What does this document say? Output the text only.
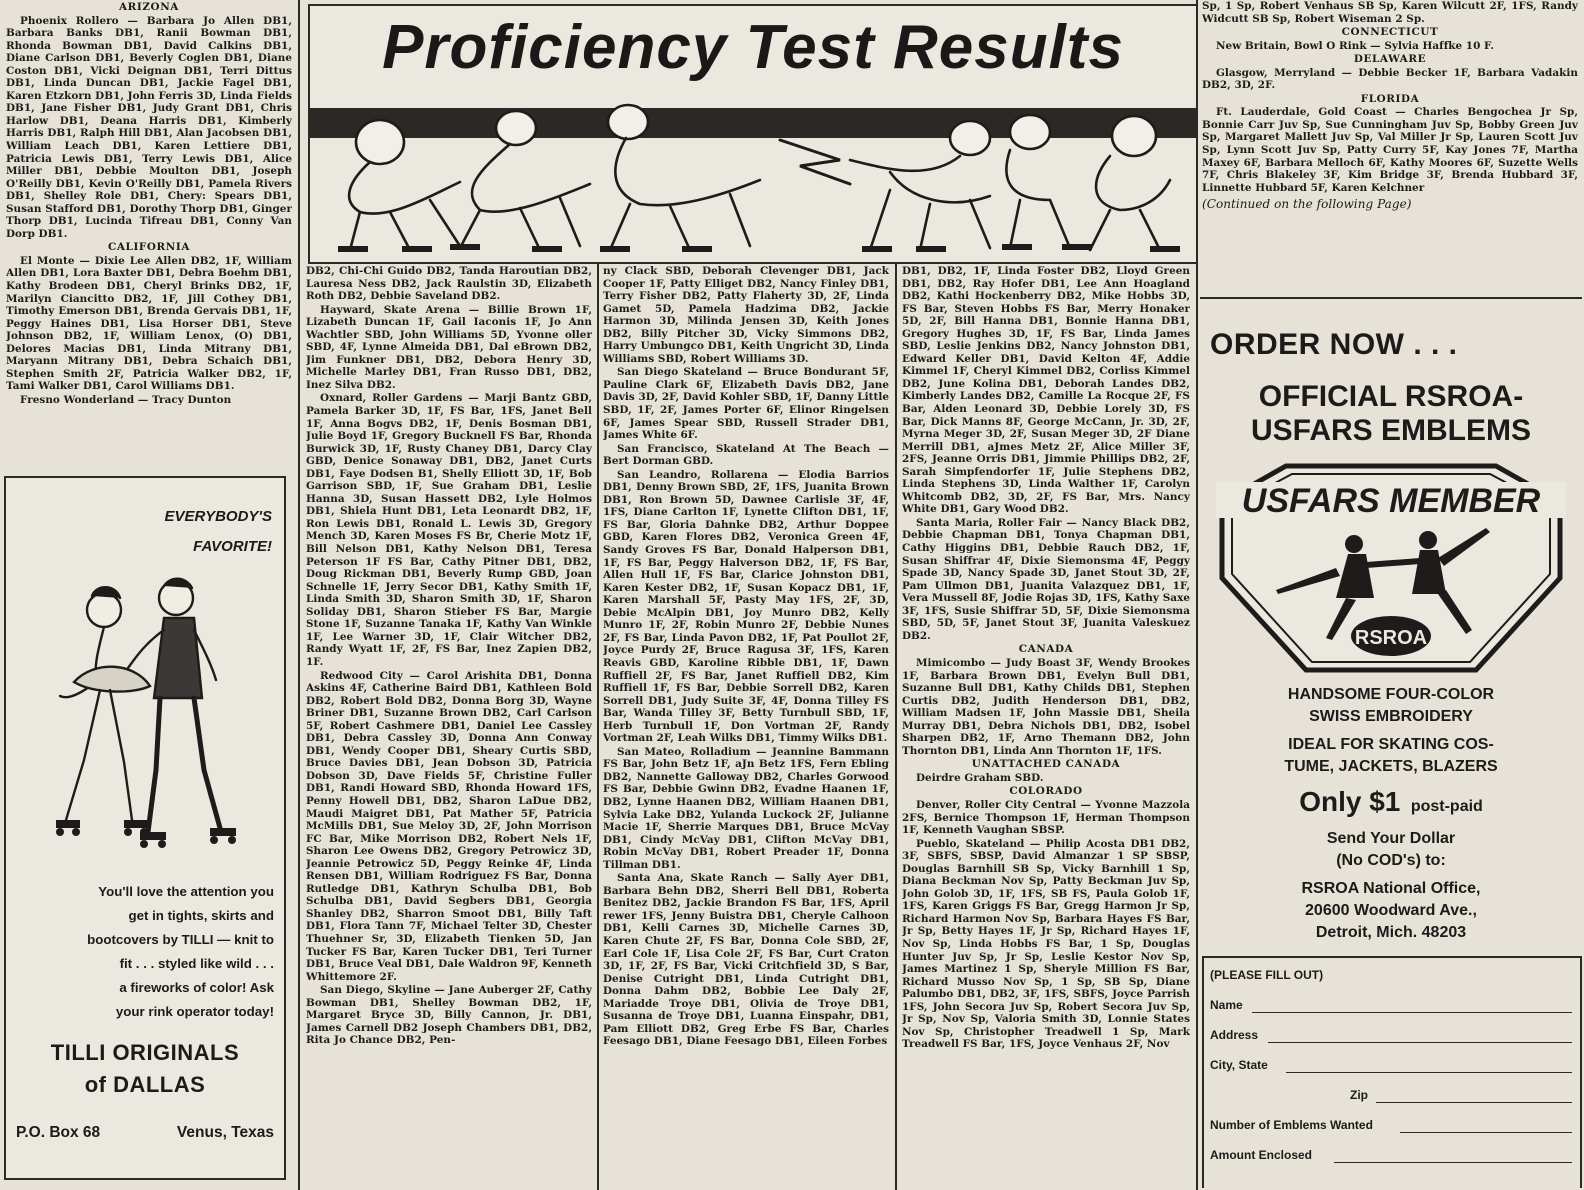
ARIZONA

Phoenix Rollero — Barbara Jo Allen DB1, Barbara Banks DB1, Ranii Bowman DB1, Rhonda Bowman DB1, David Calkins DB1, Diane Carlson DB1, Beverly Coglen DB1, Diane Coston DB1, Vicki Deignan DB1, Terri Dittus DB1, Linda Duncan DB1, Jackie Fagel DB1, Karen Etzkorn DB1, John Ferris 3D, Linda Fields DB1, Jane Fisher DB1, Judy Grant DB1, Chris Harlow DB1, Deana Harris DB1, Kimberly Harris DB1, Ralph Hill DB1, Alan Jacobsen DB1, William Leach DB1, Karen Lettiere DB1, Patricia Lewis DB1, Terry Lewis DB1, Alice Miller DB1, Debbie Moulton DB1, Joseph O'Reilly DB1, Kevin O'Reilly DB1, Pamela Rivers DB1, Shelley Role DB1, Chery: Spears DB1, Susan Stafford DB1, Dorothy Thorp DB1, Ginger Thorp DB1, Lucinda Tifreau DB1, Conny Van Dorp DB1.

CALIFORNIA

El Monte — Dixie Lee Allen DB2, 1F, William Allen DB1, Lora Baxter DB1, Debra Boehm DB1, Kathy Brodeen DB1, Cheryl Brinks DB2, 1F, Marilyn Ciancitto DB2, 1F, Jill Cothey DB1, Timothy Emerson DB1, Brenda Gervais DB1, 1F, Peggy Haines DB1, Lisa Horser DB1, Steve Johnson DB2, 1F, William Lenox, (O) DB1, Delores Macias DB1, Linda Mitrany DB1, Maryann Mitrany DB1, Debra Schaich DB1, Stephen Smith 2F, Patricia Walker DB2, 1F, Tami Walker DB1, Carol Williams DB1.

Fresno Wonderland — Tracy Dunton

Proficiency Test Results

DB2, Chi-Chi Guido DB2, Tanda Haroutian DB2, Lauresa Ness DB2, Jack Raulstin 3D, Elizabeth Roth DB2, Debbie Saveland DB2.

Hayward, Skate Arena — Billie Brown 1F, Lizabeth Duncan 1F, Gail Iaconis 1F, Jo Ann Wachtler SBD, John Williams 5D, Yvonne oller SBD, 4F, Lynne Almeida DB1, Dal eBrown DB2, Jim Funkner DB1, DB2, Debora Henry 3D, Michelle Marley DB1, Fran Russo DB1, DB2, Inez Silva DB2.

Oxnard, Roller Gardens — Marji Bantz GBD, Pamela Barker 3D, 1F, FS Bar, 1FS, Janet Bell 1F, Anna Bogvs DB2, 1F, Denis Bosman DB1, Julie Boyd 1F, Gregory Bucknell FS Bar, Rhonda Burwick 3D, 1F, Rusty Chaney DB1, Darcy Clay GBD, Denice Sonaway DB1, DB2, Janet Curts DB1, Faye Dodsen B1, Shelly Elliott 3D, 1F, Bob Garrison SBD, 1F, Sue Graham DB1, Leslie Hanna 3D, Susan Hassett DB2, Lyle Holmos DB1, Shiela Hunt DB1, Leta Leonardt DB2, 1F, Ron Lewis DB1, Ronald L. Lewis 3D, Gregory Mench 3D, Karen Moses FS Br, Cherie Motz 1F, Bill Nelson DB1, Kathy Nelson DB1, Teresa Peterson 1F FS Bar, Cathy Pitner DB1, DB2, Doug Rickman DB1, Beverly Rump GBD, Joan Schnelle 1F, Jerry Secor DB1, Kathy Smith 1F, Linda Smith 3D, Sharon Smith 3D, 1F, Sharon Soliday DB1, Sharon Stieber FS Bar, Margie Stone 1F, Suzanne Tanaka 1F, Kathy Van Winkle 1F, Lee Warner 3D, 1F, Clair Witcher DB2, Randy Wyatt 1F, 2F, FS Bar, Inez Zapien DB2, 1F.

Redwood City — Carol Arishita DB1, Donna Askins 4F, Catherine Baird DB1, Kathleen Bold DB2, Robert Bold DB2, Donna Borg 3D, Wayne Briner DB1, Suzanne Brown DB2, Carl Carlson 5F, Robert Cashmere DB1, Daniel Lee Cassley DB1, Debra Cassley 3D, Donna Ann Conway DB1, Wendy Cooper DB1, Sheary Curtis SBD, Bruce Davies DB1, Jean Dobson 3D, Patricia Dobson 3D, Dave Fields 5F, Christine Fuller DB1, Randi Howard SBD, Rhonda Howard 1FS, Penny Howell DB1, DB2, Sharon LaDue DB2, Maudi Maigret DB1, Pat Mather 5F, Patricia McMills DB1, Sue Meloy 3D, 2F, John Morrison FC Bar, Mike Morrison DB2, Robert Nels 1F, Sharon Lee Owens DB2, Gregory Petrowicz 3D, Jeannie Petrowicz 5D, Peggy Reinke 4F, Linda Rensen DB1, William Rodriguez FS Bar, Donna Rutledge DB1, Kathryn Schulba DB1, Bob Schulba DB1, David Segbers DB1, Georgia Shanley DB2, Sharron Smoot DB1, Billy Taft DB1, Flora Tann 7F, Michael Telter 3D, Chester Thuehner Sr, 3D, Elizabeth Tienken 5D, Jan Tucker FS Bar, Karen Tucker DB1, Teri Turner DB1, Bruce Veal DB1, Dale Waldron 9F, Kenneth Whittemore 2F.

San Diego, Skyline — Jane Auberger 2F, Cathy Bowman DB1, Shelley Bowman DB2, 1F, Margaret Bryce 3D, Billy Cannon, Jr. DB1, James Carnell DB2 Joseph Chambers DB1, DB2, Rita Jo Chance DB2, Pen-

ny Clack SBD, Deborah Clevenger DB1, Jack Cooper 1F, Patty Elliget DB2, Nancy Finley DB1, Terry Fisher DB2, Patty Flaherty 3D, 2F, Linda Gamet 5D, Pamela Hadzima DB2, Jackie Harmon 3D, Milinda Jensen 3D, Keith Jones DB2, Billy Pitcher 3D, Vicky Simmons DB2, Harry Umbungco DB1, Keith Ungricht 3D, Linda Williams SBD, Robert Williams 3D.

San Diego Skateland — Bruce Bondurant 5F, Pauline Clark 6F, Elizabeth Davis DB2, Jane Davis 3D, 2F, David Kohler SBD, 1F, Danny Little SBD, 1F, 2F, James Porter 6F, Elinor Ringelsen 6F, James Spear SBD, Russell Strader DB1, James White 6F.

San Francisco, Skateland At The Beach — Bert Dorman GBD.

San Leandro, Rollarena — Elodia Barrios DB1, Denny Brown SBD, 2F, 1FS, Juanita Brown DB1, Ron Brown 5D, Dawnee Carlisle 3F, 4F, 1FS, Diane Carlton 1F, Lynette Clifton DB1, 1F, FS Bar, Gloria Dahnke DB2, Arthur Doppee GBD, Karen Flores DB2, Veronica Green 4F, Sandy Groves FS Bar, Donald Halperson DB1, 1F, FS Bar, Peggy Halverson DB2, 1F, FS Bar, Allen Hull 1F, FS Bar, Clarice Johnston DB1, Karen Kester DB2, 1F, Susan Kopacz DB1, 1F, Karen Marshall 5F, Pasty May 1FS, 2F, 3D, Debie McAlpin DB1, Joy Munro DB2, Kelly Munro 1F, 2F, Robin Munro 2F, Debbie Nunes 2F, FS Bar, Linda Pavon DB2, 1F, Pat Poullot 2F, Joyce Purdy 2F, Bruce Ragusa 3F, 1FS, Karen Reavis GBD, Karoline Ribble DB1, 1F, Dawn Ruffiell 2F, FS Bar, Janet Ruffiell DB2, Kim Ruffiell 1F, FS Bar, Debbie Sorrell DB2, Karen Sorrell DB1, Judy Suite 3F, 4F, Donna Tilley FS Bar, Wanda Tilley 3F, Betty Turnbull SBD, 1F, Herb Turnbull 1F, Don Vortman 2F, Randy Vortman 2F, Leah Wilks DB1, Timmy Wilks DB1.

San Mateo, Rolladium — Jeannine Bammann FS Bar, John Betz 1F, aJn Betz 1FS, Fern Ebling DB2, Nannette Galloway DB2, Charles Gorwood FS Bar, Debbie Gwinn DB2, Evadne Haanen 1F, DB2, Lynne Haanen DB2, William Haanen DB1, Sylvia Lake DB2, Yulanda Luckock 2F, Julianne Macie 1F, Sherrie Marques DB1, Bruce McVay DB1, Cindy McVay DB1, Clifton McVay DB1, Robin McVay DB1, Robert Preader 1F, Donna Tillman DB1.

Santa Ana, Skate Ranch — Sally Ayer DB1, Barbara Behn DB2, Sherri Bell DB1, Roberta Benitez DB2, Jackie Brandon FS Bar, 1FS, April rewer 1FS, Jenny Buistra DB1, Cheryle Calhoon DB1, Kelli Carnes 3D, Michelle Carnes 3D, Karen Chute 2F, FS Bar, Donna Cole SBD, 2F, Earl Cole 1F, Lisa Cole 2F, FS Bar, Curt Craton 3D, 1F, 2F, FS Bar, Vicki Critchfield 3D, S Bar, Denise Cutright DB1, Linda Cutright DB1, Donna Dahm DB2, Bobbie Lee Daly 2F, Mariadde Troye DB1, Olivia de Troye DB1, Susanna de Troye DB1, Luanna Einspahr, DB1, Pam Elliott DB2, Greg Erbe FS Bar, Charles Feesago DB1, Diane Feesago DB1, Eileen Forbes

DB1, DB2, 1F, Linda Foster DB2, Lloyd Green DB1, DB2, Ray Hofer DB1, Lee Ann Hoagland DB2, Kathi Hockenberry DB2, Mike Hobbs 3D, FS Bar, Steven Hobbs FS Bar, Merry Honaker 5D, 2F, Bill Hanna DB1, Bonnie Hanna DB1, Gregory Hughes 3D, 1F, FS Bar, Linda James SBD, Leslie Jenkins DB2, Nancy Johnston DB1, Edward Keller DB1, David Kelton 4F, Addie Kimmel 1F, Cheryl Kimmel DB2, Corliss Kimmel DB2, June Kolina DB1, Deborah Landes DB2, Kimberly Landes DB2, Camille La Rocque 2F, FS Bar, Alden Leonard 3D, Debbie Lorely 3D, FS Bar, Dick Manns 8F, George McCann, Jr. 3D, 2F, Myrna Meger 3D, 2F, Susan Meger 3D, 2F Diane Merrill DB1, aJmes Metz 2F, Alice Miller 3F, 2FS, Jeanne Orris DB1, Jimmie Phillips DB2, 2F, Sarah Simpfendorfer 1F, Julie Stephens DB2, Linda Stephens 3D, Linda Walther 1F, Carolyn Whitcomb DB2, 3D, 2F, FS Bar, Mrs. Nancy White DB1, Gary Wood DB2.

Santa Maria, Roller Fair — Nancy Black DB2, Debbie Chapman DB1, Tonya Chapman DB1, Cathy Higgins DB1, Debbie Rauch DB2, 1F, Susan Shiffrar 4F, Dixie Siemonsma 4F, Peggy Spade 3D, Nancy Spade 3D, Janet Stout 3D, 2F, Pam Ullmon DB1, Juanita Valazquez DB1, 1F, Vera Mussell 8F, Jodie Rojas 3D, 1FS, Kathy Saxe 3F, 1FS, Susie Shiffrar 5D, 5F, Dixie Siemonsma SBD, 5D, 5F, Janet Stout 3F, Juanita Valeskuez DB2.

CANADA

Mimicombo — Judy Boast 3F, Wendy Brookes 1F, Barbara Brown DB1, Evelyn Bull DB1, Suzanne Bull DB1, Kathy Childs DB1, Stephen Curtis DB2, Judith Henderson DB1, DB2, William Madsen 1F, John Massie DB1, Sheila Murray DB1, Debra Nichols DB1, DB2, Isobel Sharpen DB2, 1F, Arno Themann DB2, John Thornton DB1, Linda Ann Thornton 1F, 1FS.

UNATTACHED CANADA

Deirdre Graham SBD.

COLORADO

Denver, Roller City Central — Yvonne Mazzola 2FS, Bernice Thompson 1F, Herman Thompson 1F, Kenneth Vaughan SBSP.

Pueblo, Skateland — Philip Acosta DB1 DB2, 3F, SBFS, SBSP, David Almanzar 1 SP SBSP, Douglas Barnhill SB Sp, Vicky Barnhill 1 Sp, Diana Beckman Nov Sp, Patty Beckman Juv Sp, John Golob 3D, 1F, 1FS, SB FS, Paula Golob 1F, 1FS, Karen Griggs FS Bar, Gregg Harmon Jr Sp, Richard Harmon Nov Sp, Barbara Hayes FS Bar, Jr Sp, Betty Hayes 1F, Jr Sp, Richard Hayes 1F, Nov Sp, Linda Hobbs FS Bar, 1 Sp, Douglas Hunter Juv Sp, Jr Sp, Leslie Kestor Nov Sp, James Martinez 1 Sp, Sheryle Million FS Bar, Richard Musso Nov Sp, 1 Sp, SB Sp, Diane Palumbo DB1, DB2, 3F, 1FS, SBFS, Joyce Parrish 1FS, John Secora Juv Sp, Robert Secora Juv Sp, Jr Sp, Nov Sp, Valoria Smith 3D, Lonnie States Nov Sp, Christopher Treadwell 1 Sp, Mark Treadwell FS Bar, 1FS, Joyce Venhaus 2F, Nov

Sp, 1 Sp, Robert Venhaus SB Sp, Karen Wilcutt 2F, 1FS, Randy Widcutt SB Sp, Robert Wiseman 2 Sp.

CONNECTICUT

New Britain, Bowl O Rink — Sylvia Haffke 10 F.

DELAWARE

Glasgow, Merryland — Debbie Becker 1F, Barbara Vadakin DB2, 3D, 2F.

FLORIDA

Ft. Lauderdale, Gold Coast — Charles Bengochea Jr Sp, Bonnie Carr Juv Sp, Sue Cunningham Juv Sp, Bobby Green Juv Sp, Margaret Mallett Juv Sp, Val Miller Jr Sp, Lauren Scott Juv Sp, Lynn Scott Juv Sp, Patty Curry 5F, Kay Jones 7F, Martha Maxey 6F, Barbara Melloch 6F, Kathy Moores 6F, Suzette Wells 7F, Chris Blakeley 3F, Kim Bridge 3F, Brenda Hubbard 3F, Linnette Hubbard 5F, Karen Kelchner

(Continued on the following Page)

EVERYBODY'S
FAVORITE!
You'll love the attention you
get in tights, skirts and
bootcovers by TILLI — knit to
fit . . . styled like wild . . .
a fireworks of color! Ask
your rink operator today!
TILLI ORIGINALS
of DALLAS
P.O. Box 68	Venus, Texas
ORDER NOW . . .
OFFICIAL RSROA-
USFARS EMBLEMS
USFARS MEMBER
RSROA
HANDSOME FOUR-COLOR
SWISS EMBROIDERY
IDEAL FOR SKATING COS-
TUME, JACKETS, BLAZERS
Only $1 post-paid
Send Your Dollar
(No COD's) to:
RSROA National Office,
20600 Woodward Ave.,
Detroit, Mich. 48203
(PLEASE FILL OUT)
Name
Address
City, State
Zip
Number of Emblems Wanted
Amount Enclosed
